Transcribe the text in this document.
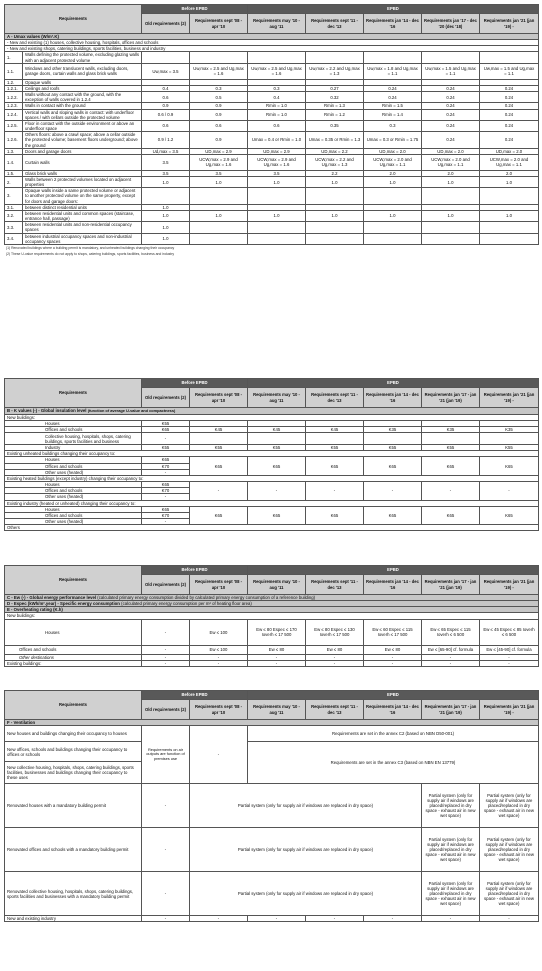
Requirements		Before EPBD		EPBD				
		Old requirements (2)	Requirements sept '08 - apr '10	Requirements may '10 - aug '11	Requirements sept '11 - dec '13	Requirements jan '14 - dec '16	Requirements jan '17 - dec '20 (dec '18)	Requirements jan '21 (jan '19) -
A - Umax values (W/m².K)								
- New and existing (1) houses, collective housing, hospitals, offices and schools								
- New and existing shops, catering buildings, sports facilities, business and industry								
1.	Walls defining the protected volume, excluding glazing walls with an adjacent protected volume							
1.1.	Windows and other translucent walls, excluding doors, garage doors, curtain walls and glass brick walls	Uw,max = 3.5	Uw,max = 2.5 and Ug,max = 1.6	Uw,max = 2.5 and Ug,max = 1.6	Uw,max = 2.2 and Ug,max = 1.3	Uw,max = 1.8 and Ug,max = 1.1	Uw,max = 1.5 and Ug,max = 1.1	Uw,max = 1.5 and Ug,max = 1.1
1.2.	Opaque walls							
1.2.1.	Ceilings and roofs	0.4	0.3	0.3	0.27	0.24	0.24	0.24
1.2.2.	Walls without any contact with the ground, with the exception of walls covered in 1.2.4	0.6	0.5	0.4	0.32	0.24	0.24	0.24
1.2.3.	Walls in contact with the ground	0.9	0.9	Rmin = 1.0	Rmin = 1.3	Rmin = 1.5	0.24	0.24
1.2.4.	Vertical walls and sloping walls in contact: with underfloor spaces / with cellars outside the protected volume	0.6 / 0.9	0.9	Rmin = 1.0	Rmin = 1.2	Rmin = 1.4	0.24	0.24
1.2.5.	Floor in contact with the outside environment or above an underfloor space	0.6	0.6	0.6	0.35	0.3	0.24	0.24
1.2.6.	Others floors: above a crawl space; above a cellar outside the protected volume; basement floors underground; above the ground	0.9 / 1.2	0.9	Umax = 0.4 or Rmin = 1.0	Umax = 0.35 or Rmin = 1.3	Umax = 0.3 or Rmin = 1.75	0.24	0.24
1.3.	Doors and garage doors	Ud,max = 3.5	UD,max = 2.9	UD,max = 2.9	UD,max = 2.2	UD,max = 2.0	UD,max = 2.0	UD,max = 2.0
1.4.	Curtain walls	3.5	UCW,max = 2.9 and Ug,max = 1.6	UCW,max = 2.9 and Ug,max = 1.6	UCW,max = 2.2 and Ug,max = 1.3	UCW,max = 2.0 and Ug,max = 1.1	UCW,max = 2.0 and Ug,max = 1.1	UCW,max = 2.0 and Ug,max = 1.1
1.5.	Glass brick walls	3.5	3.5	3.5	2.2	2.0	2.0	2.0
2.	Walls between 2 protected volumes located on adjacent properties	1.0	1.0	1.0	1.0	1.0	1.0	1.0
3.	Opaque walls inside a same protected volume or adjacent to another protected volume on the same property, except for doors and garage doors:							
3.1.	between distinct residential units	1.0						
3.2.	between residential units and common spaces (staircase, entrance hall, passage)	1.0	1.0	1.0	1.0	1.0	1.0	1.0
3.3.	between residential units and non-residential occupancy spaces	1.0						
3.4.	between industrial occupancy spaces and non-industrial occupancy spaces	1.0						
(1) Renovated buildings where a building permit is mandatory, and unheated buildings changing their occupancy
(2) These U-value requirements do not apply to shops, catering buildings, sports facilities, business and industry
Requirements	Before EPBD		EPBD				
	Old requirements (2)	Requirements sept '08 - apr '10	Requirements may '10 - aug '11	Requirements sept '11 - dec '13	Requirements jan '14 - dec '16	Requirements jan '17 - jan '21 (jan '19)	Requirements jan '21 (jan '19) -
B - K values (-) - Global insulation level (function of average U-value and compactness)							
New buildings:							
Houses	K55						
Offices and schools	K65	K45	K45	K45	K35	K35	K35
Collective housing, hospitals, shops, catering buildings, sports facilities and business	-						
Industry	K55	K55	K55	K55	K55	K55	K55
Existing unheated buildings changing their occupancy to:							
Houses	K65	K65	K65	K65	K65	K65	K65
Offices and schools	K70						
Other uses (heated)	-						
Existing heated buildings (except industry) changing their occupancy to:							
Houses	K65	-	-	-	-	-	-
Offices and schools	K70						
Other uses (heated)	-						
Existing industry (heated or unheated) changing their occupancy to:							
Houses	K65	K65	K65	K65	K65	K65	K65
Offices and schools	K70						
Other uses (heated)	-						
Others							
Requirements	Before EPBD		EPBD				
	Old requirements (2)	Requirements sept '08 - apr '10	Requirements may '10 - aug '11	Requirements sept '11 - dec '13	Requirements jan '14 - dec '16	Requirements jan '17 - jan '21 (jan '19)	Requirements jan '21 (jan '19) -
C - Ew (-) - Global energy performance level (calculated primary energy consumption divided by calculated primary energy consumption of a reference building)							
D - Espec (kWh/m².year) - Specific energy consumption (calculated primary energy consumption per m² of heating floor area)							
E - Overheating rating (K.h)							
New buildings:							
Houses	-	Ew ≤ 100	Ew ≤ 80 Espec ≤ 170 Ioverh ≤ 17 500	Ew ≤ 80 Espec ≤ 130 Ioverh ≤ 17 500	Ew ≤ 60 Espec ≤ 115 Ioverh ≤ 17 500	Ew ≤ 65 Espec ≤ 115 Ioverh ≤ 6 500	Ew ≤ 45 Espec ≤ 85 Ioverh ≤ 6 500
Offices and schools	-	Ew ≤ 100	Ew ≤ 80	Ew ≤ 80	Ew ≤ 80	Ew ≤ [65-90] cf. formula	Ew ≤ [45-90] cf. formula
Other destinations	-	-	-	-	-	-	-
Existing buildings:	-	-	-	-	-	-	-
Requirements	Before EPBD		EPBD				
	Old requirements (2)	Requirements sept '08 - apr '10	Requirements may '10 - aug '11	Requirements sept '11 - dec '13	Requirements jan '14 - dec '16	Requirements jan '17 - jan '21 (jan '19)	Requirements jan '21 (jan '19) -
F - Ventilation							
New houses and buildings changing their occupancy to houses	Requirements on air outputs are function of premises use	-	Requirements are set in the annex C2 (based on NBN D50-001)				
New offices, schools and buildings changing their occupancy to offices or schools			Requirements are set in the annex C3 (based on NBN EN 13779)				
New collective housing, hospitals, shops, catering buildings, sports facilities, businesses and buildings changing their occupancy to these uses							
Renovated houses with a mandatory building permit	-	Partial system (only for supply air if windows are replaced in dry space)				Partial system (only for supply air if windows are placed/replaced in dry space - exhaust air in new wet space)	Partial system (only for supply air if windows are placed/replaced in dry space - exhaust air in new wet space)
Renovated offices and schools with a mandatory building permit	-	Partial system (only for supply air if windows are replaced in dry space)				Partial system (only for supply air if windows are placed/replaced in dry space - exhaust air in new wet space)	Partial system (only for supply air if windows are placed/replaced in dry space - exhaust air in new wet space)
Renovated collective housing, hospitals, shops, catering buildings, sports facilities and businesses with a mandatory building permit	-	Partial system (only for supply air if windows are replaced in dry space)				Partial system (only for supply air if windows are placed/replaced in dry space - exhaust air in new wet space)	Partial system (only for supply air if windows are placed/replaced in dry space - exhaust air in new wet space)
New and existing industry	-	-	-	-	-	-	-
